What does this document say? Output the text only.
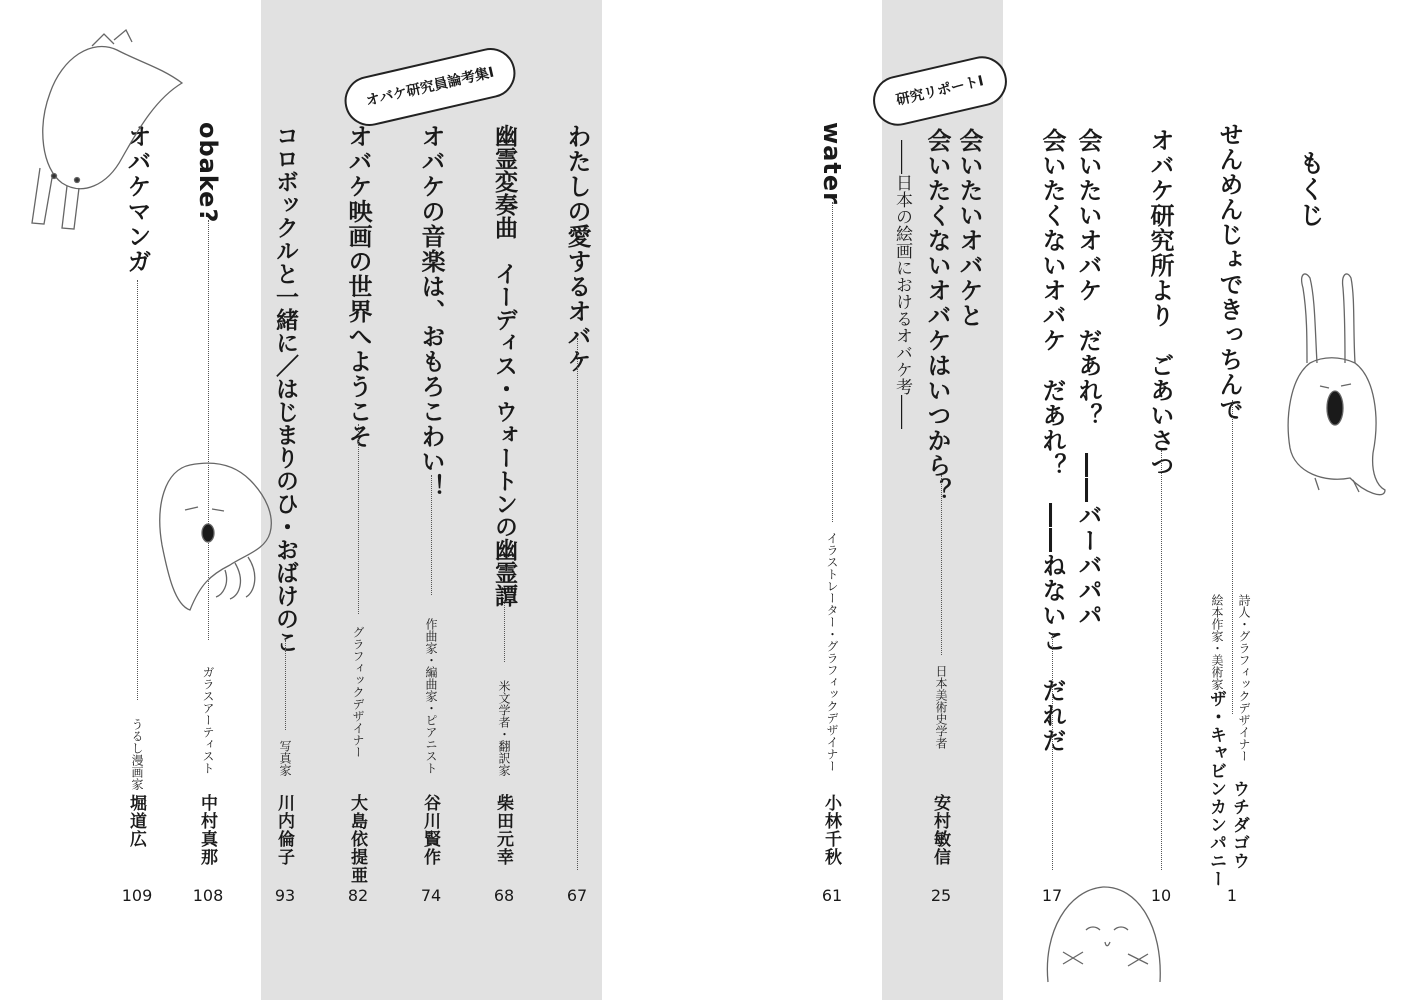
もくじ
研究リポートⅠ
せんめんじょできっちんで
詩人・グラフィックデザイナー
ウチダゴウ
1
オバケ研究所より　ごあいさつ
絵本作家・美術家
ザ・キャビンカンパニー
10
会いたいオバケ　だあれ？　――バーバパパ
会いたくないオバケ　だあれ？　――ねないこ　だれだ
17
会いたいオバケと
会いたくないオバケはいつから？
――日本の絵画におけるオバケ考――
日本美術史学者
安村敏信
25
water
イラストレーター・グラフィックデザイナー
小林千秋
61
オバケ研究員論考集Ⅰ
わたしの愛するオバケ
67
幽霊変奏曲　イーディス・ウォートンの幽霊譚
米文学者・翻訳家
柴田元幸
68
オバケの音楽は、おもろこわい！
作曲家・編曲家・ピアニスト
谷川賢作
74
オバケ映画の世界へようこそ
グラフィックデザイナー
大島依提亜
82
コロボックルと一緒に／はじまりのひ・おばけのこ
写真家
川内倫子
93
obake?
ガラスアーティスト
中村真那
108
オバケマンガ
うるし漫画家
堀道広
109
